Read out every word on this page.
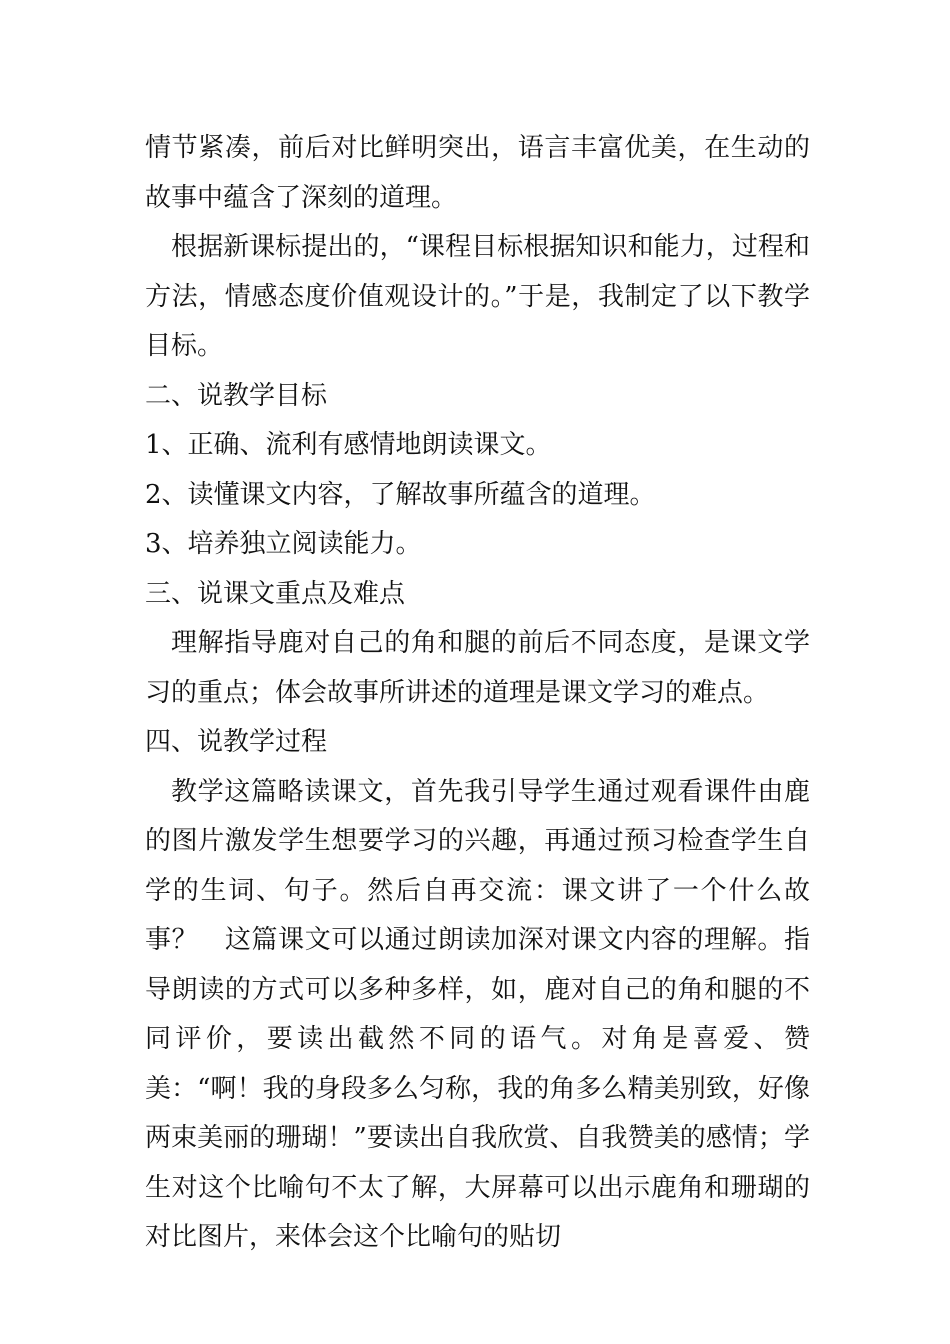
情节紧凑，前后对比鲜明突出，语言丰富优美，在生动的故事中蕴含了深刻的道理。

根据新课标提出的，“课程目标根据知识和能力，过程和方法，情感态度价值观设计的。”于是，我制定了以下教学目标。

二、说教学目标

1、正确、流利有感情地朗读课文。

2、读懂课文内容，了解故事所蕴含的道理。

3、培养独立阅读能力。

三、说课文重点及难点

理解指导鹿对自己的角和腿的前后不同态度，是课文学习的重点；体会故事所讲述的道理是课文学习的难点。

四、说教学过程

教学这篇略读课文，首先我引导学生通过观看课件由鹿的图片激发学生想要学习的兴趣，再通过预习检查学生自学的生词、句子。然后自再交流：课文讲了一个什么故事？　这篇课文可以通过朗读加深对课文内容的理解。指导朗读的方式可以多种多样，如，鹿对自己的角和腿的不同评价，要读出截然不同的语气。对角是喜爱、赞美：“啊！我的身段多么匀称，我的角多么精美别致，好像两束美丽的珊瑚！”要读出自我欣赏、自我赞美的感情；学生对这个比喻句不太了解，大屏幕可以出示鹿角和珊瑚的对比图片，来体会这个比喻句的贴切
